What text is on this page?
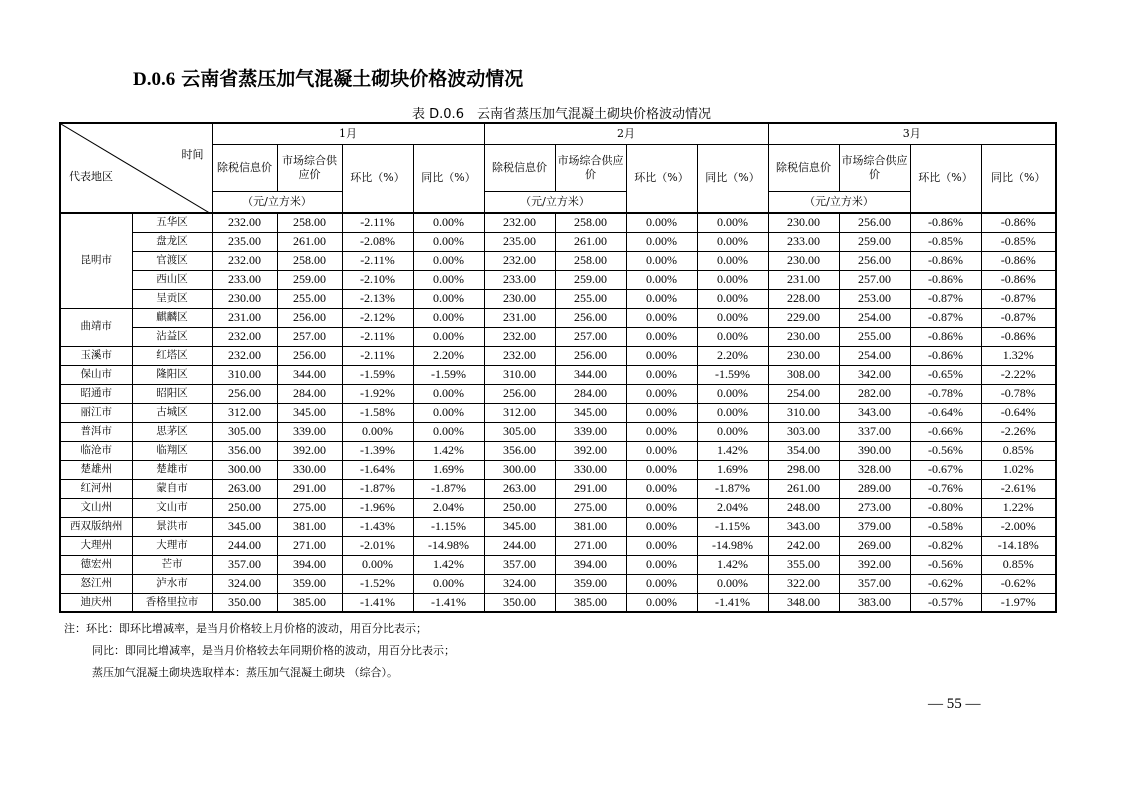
D.0.6 云南省蒸压加气混凝土砌块价格波动情况
表 D.0.6　云南省蒸压加气混凝土砌块价格波动情况
时间
代表地区		1月				2月				3月			
		除税信息价	市场综合供应价	环比（%）	同比（%）	除税信息价	市场综合供应价	环比（%）	同比（%）	除税信息价	市场综合供应价	环比（%）	同比（%）
		（元/立方米）				（元/立方米）				（元/立方米）			
昆明市	五华区	232.00	258.00	-2.11%	0.00%	232.00	258.00	0.00%	0.00%	230.00	256.00	-0.86%	-0.86%
	盘龙区	235.00	261.00	-2.08%	0.00%	235.00	261.00	0.00%	0.00%	233.00	259.00	-0.85%	-0.85%
	官渡区	232.00	258.00	-2.11%	0.00%	232.00	258.00	0.00%	0.00%	230.00	256.00	-0.86%	-0.86%
	西山区	233.00	259.00	-2.10%	0.00%	233.00	259.00	0.00%	0.00%	231.00	257.00	-0.86%	-0.86%
	呈贡区	230.00	255.00	-2.13%	0.00%	230.00	255.00	0.00%	0.00%	228.00	253.00	-0.87%	-0.87%
曲靖市	麒麟区	231.00	256.00	-2.12%	0.00%	231.00	256.00	0.00%	0.00%	229.00	254.00	-0.87%	-0.87%
	沾益区	232.00	257.00	-2.11%	0.00%	232.00	257.00	0.00%	0.00%	230.00	255.00	-0.86%	-0.86%
玉溪市	红塔区	232.00	256.00	-2.11%	2.20%	232.00	256.00	0.00%	2.20%	230.00	254.00	-0.86%	1.32%
保山市	隆阳区	310.00	344.00	-1.59%	-1.59%	310.00	344.00	0.00%	-1.59%	308.00	342.00	-0.65%	-2.22%
昭通市	昭阳区	256.00	284.00	-1.92%	0.00%	256.00	284.00	0.00%	0.00%	254.00	282.00	-0.78%	-0.78%
丽江市	古城区	312.00	345.00	-1.58%	0.00%	312.00	345.00	0.00%	0.00%	310.00	343.00	-0.64%	-0.64%
普洱市	思茅区	305.00	339.00	0.00%	0.00%	305.00	339.00	0.00%	0.00%	303.00	337.00	-0.66%	-2.26%
临沧市	临翔区	356.00	392.00	-1.39%	1.42%	356.00	392.00	0.00%	1.42%	354.00	390.00	-0.56%	0.85%
楚雄州	楚雄市	300.00	330.00	-1.64%	1.69%	300.00	330.00	0.00%	1.69%	298.00	328.00	-0.67%	1.02%
红河州	蒙自市	263.00	291.00	-1.87%	-1.87%	263.00	291.00	0.00%	-1.87%	261.00	289.00	-0.76%	-2.61%
文山州	文山市	250.00	275.00	-1.96%	2.04%	250.00	275.00	0.00%	2.04%	248.00	273.00	-0.80%	1.22%
西双版纳州	景洪市	345.00	381.00	-1.43%	-1.15%	345.00	381.00	0.00%	-1.15%	343.00	379.00	-0.58%	-2.00%
大理州	大理市	244.00	271.00	-2.01%	-14.98%	244.00	271.00	0.00%	-14.98%	242.00	269.00	-0.82%	-14.18%
德宏州	芒市	357.00	394.00	0.00%	1.42%	357.00	394.00	0.00%	1.42%	355.00	392.00	-0.56%	0.85%
怒江州	泸水市	324.00	359.00	-1.52%	0.00%	324.00	359.00	0.00%	0.00%	322.00	357.00	-0.62%	-0.62%
迪庆州	香格里拉市	350.00	385.00	-1.41%	-1.41%	350.00	385.00	0.00%	-1.41%	348.00	383.00	-0.57%	-1.97%
注：环比：即环比增减率，是当月价格较上月价格的波动，用百分比表示；
同比：即同比增减率，是当月价格较去年同期价格的波动，用百分比表示；
蒸压加气混凝土砌块选取样本：蒸压加气混凝土砌块 （综合）。
— 55 —
